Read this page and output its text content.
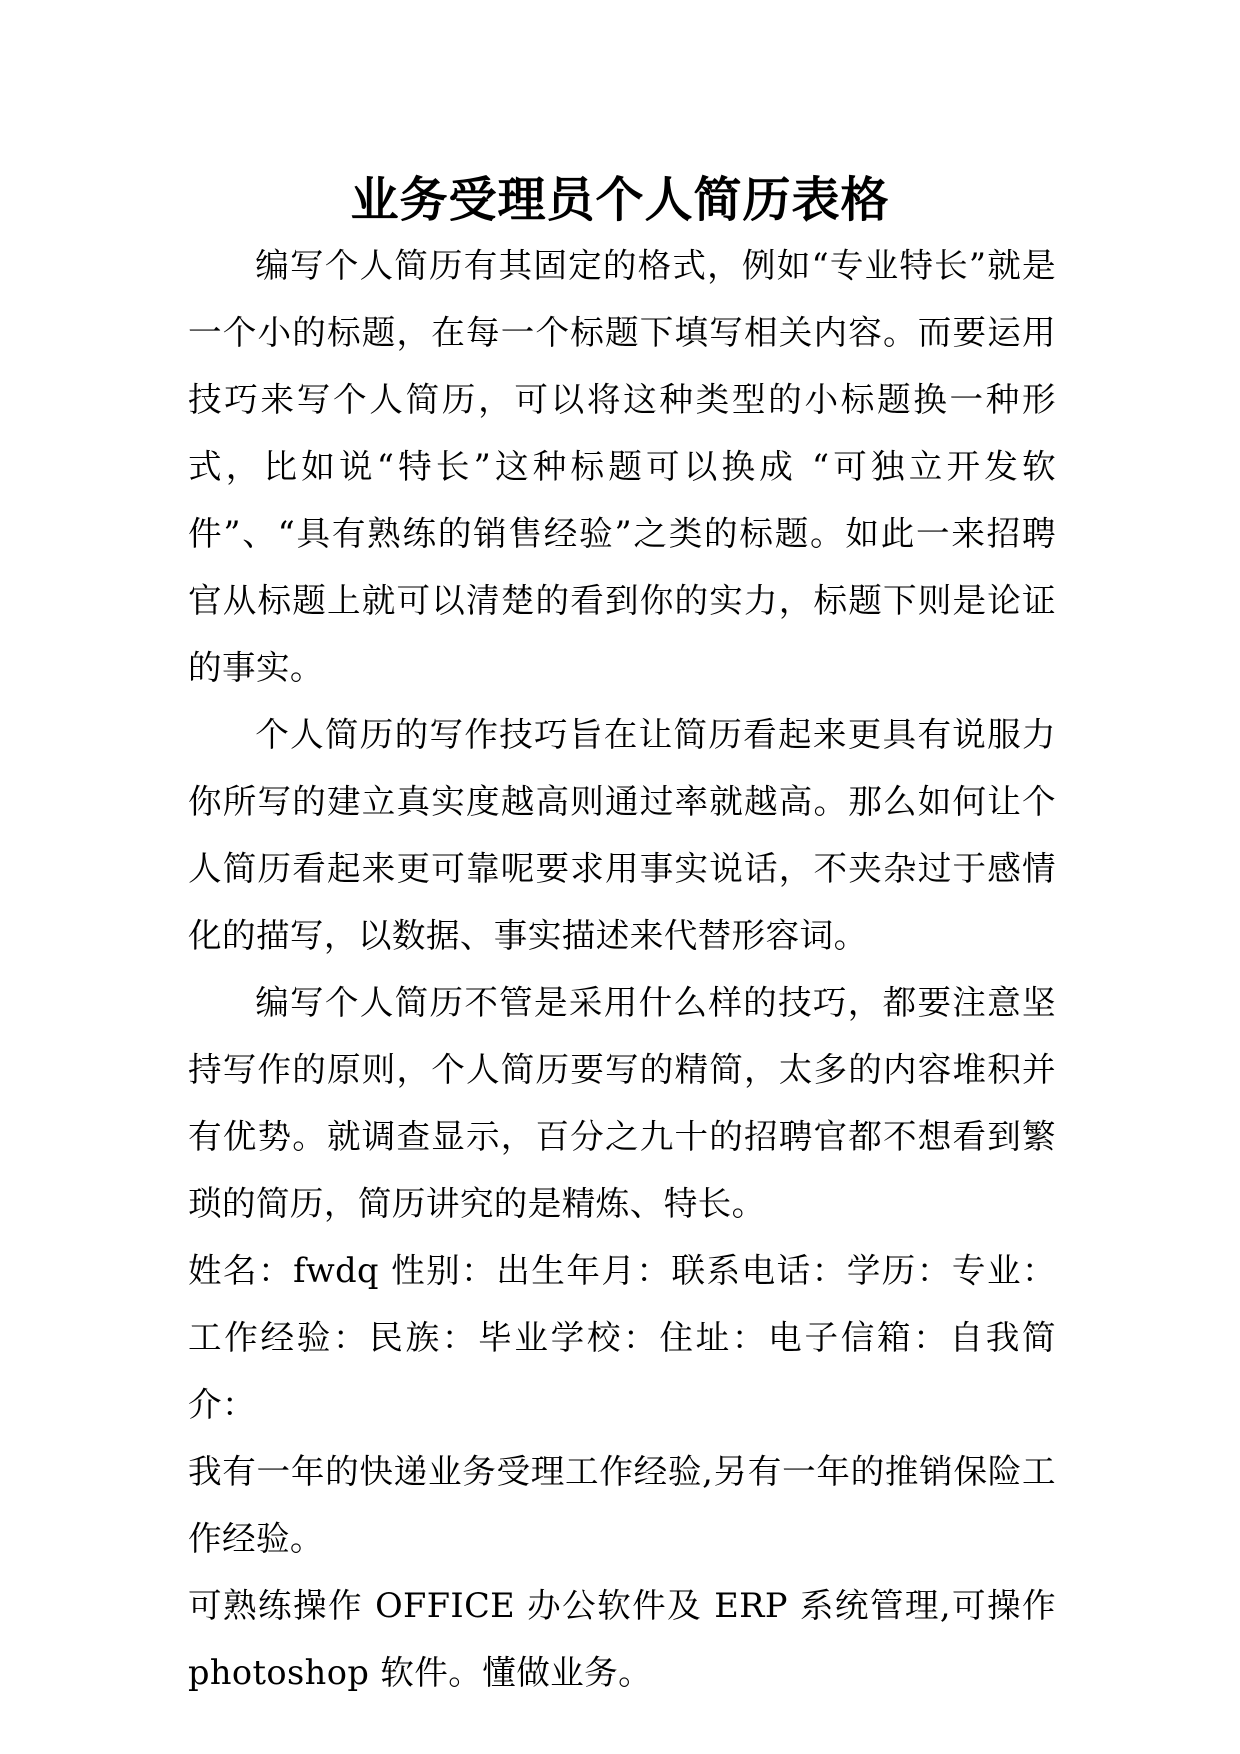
业务受理员个人简历表格

编写个人简历有其固定的格式，例如“专业特长”就是一个小的标题，在每一个标题下填写相关内容。而要运用技巧来写个人简历，可以将这种类型的小标题换一种形式，比如说“特长”这种标题可以换成 “可独立开发软件”、“具有熟练的销售经验”之类的标题。如此一来招聘官从标题上就可以清楚的看到你的实力，标题下则是论证的事实。

个人简历的写作技巧旨在让简历看起来更具有说服力你所写的建立真实度越高则通过率就越高。那么如何让个人简历看起来更可靠呢要求用事实说话，不夹杂过于感情化的描写，以数据、事实描述来代替形容词。

编写个人简历不管是采用什么样的技巧，都要注意坚持写作的原则，个人简历要写的精简，太多的内容堆积并有优势。就调查显示，百分之九十的招聘官都不想看到繁琐的简历，简历讲究的是精炼、特长。

姓名：fwdq 性别：出生年月：联系电话：学历：专业：工作经验：民族：毕业学校：住址：电子信箱：自我简介：

我有一年的快递业务受理工作经验,另有一年的推销保险工作经验。

可熟练操作 OFFICE 办公软件及 ERP 系统管理,可操作photoshop 软件。懂做业务。
